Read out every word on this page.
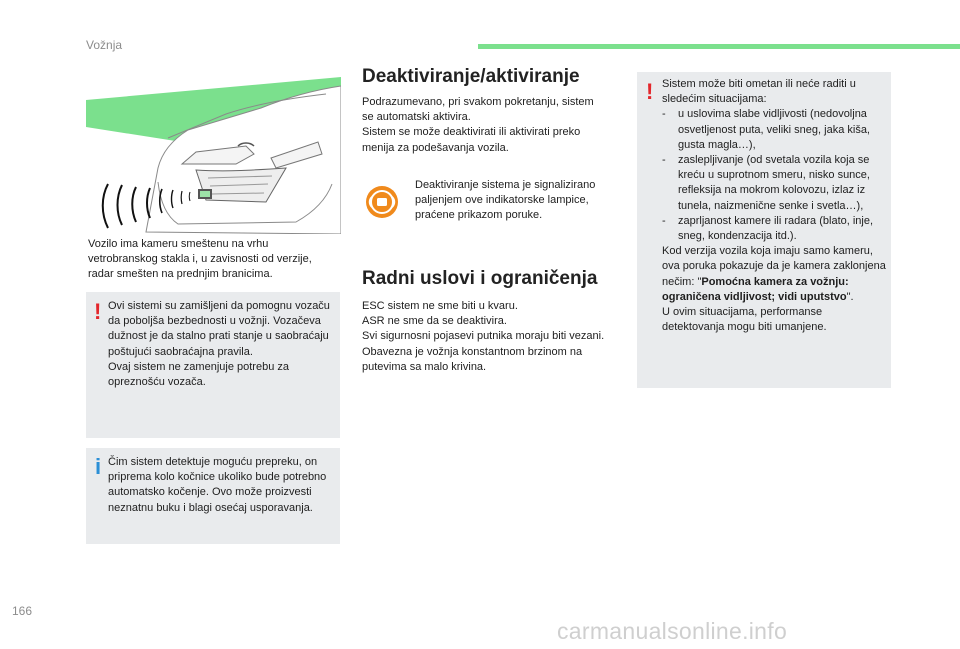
Vožnja
Vozilo ima kameru smeštenu na vrhu vetrobranskog stakla i, u zavisnosti od verzije, radar smešten na prednjim branicima.
! Ovi sistemi su zamišljeni da pomognu vozaču da poboljša bezbednosti u vožnji. Vozačeva dužnost je da stalno prati stanje u saobraćaju poštujući saobraćajna pravila.
Ovaj sistem ne zamenjuje potrebu za opreznošću vozača.
i Čim sistem detektuje moguću prepreku, on priprema kolo kočnice ukoliko bude potrebno automatsko kočenje. Ovo može proizvesti neznatnu buku i blagi osećaj usporavanja.
Deaktiviranje/aktiviranje
Podrazumevano, pri svakom pokretanju, sistem se automatski aktivira.
Sistem se može deaktivirati ili aktivirati preko menija za podešavanja vozila.
Deaktiviranje sistema je signalizirano paljenjem ove indikatorske lampice, praćene prikazom poruke.
Radni uslovi i ograničenja
ESC sistem ne sme biti u kvaru.
ASR ne sme da se deaktivira.
Svi sigurnosni pojasevi putnika moraju biti vezani.
Obavezna je vožnja konstantnom brzinom na putevima sa malo krivina.
! Sistem može biti ometan ili neće raditi u sledećim situacijama:
-	u uslovima slabe vidljivosti (nedovoljna osvetljenost puta, veliki sneg, jaka kiša, gusta magla…),
-	zaslepljivanje (od svetala vozila koja se kreću u suprotnom smeru, nisko sunce, refleksija na mokrom kolovozu, izlaz iz tunela, naizmenične senke i svetla…),
-	zaprljanost kamere ili radara (blato, inje, sneg, kondenzacija itd.).
Kod verzija vozila koja imaju samo kameru, ova poruka pokazuje da je kamera zaklonjena nečim: "Pomoćna kamera za vožnju: ograničena vidljivost; vidi uputstvo".
U ovim situacijama, performanse detektovanja mogu biti umanjene.
166
carmanualsonline.info
